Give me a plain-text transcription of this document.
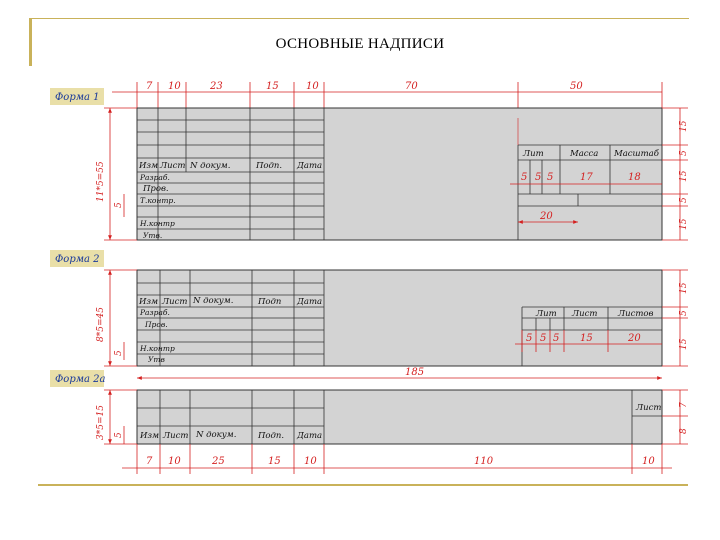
ОСНОВНЫЕ НАДПИСИ
Форма 1
7 10	23	15	10	70	50
Изм Лист N докум.	Подп. Дата
Разраб.
Пров.
Т.контр.
Н.контр
Утв.
Лит	Масса Масштаб
5 5 5	17	18
20
11*5=55
5
15
5
15
5
15
Форма 2
Изм Лист N докум.	Подп Дата
Разраб.
Пров.
Н.контр
Утв
Лит Лист Листов
5 5 5 15	20
8*5=45
5
15
5
15
185
Форма 2а
Изм Лист N докум.	Подп. Дата
Лист
3*5=15 5
7
8
7 10	25	15 10	110	10
